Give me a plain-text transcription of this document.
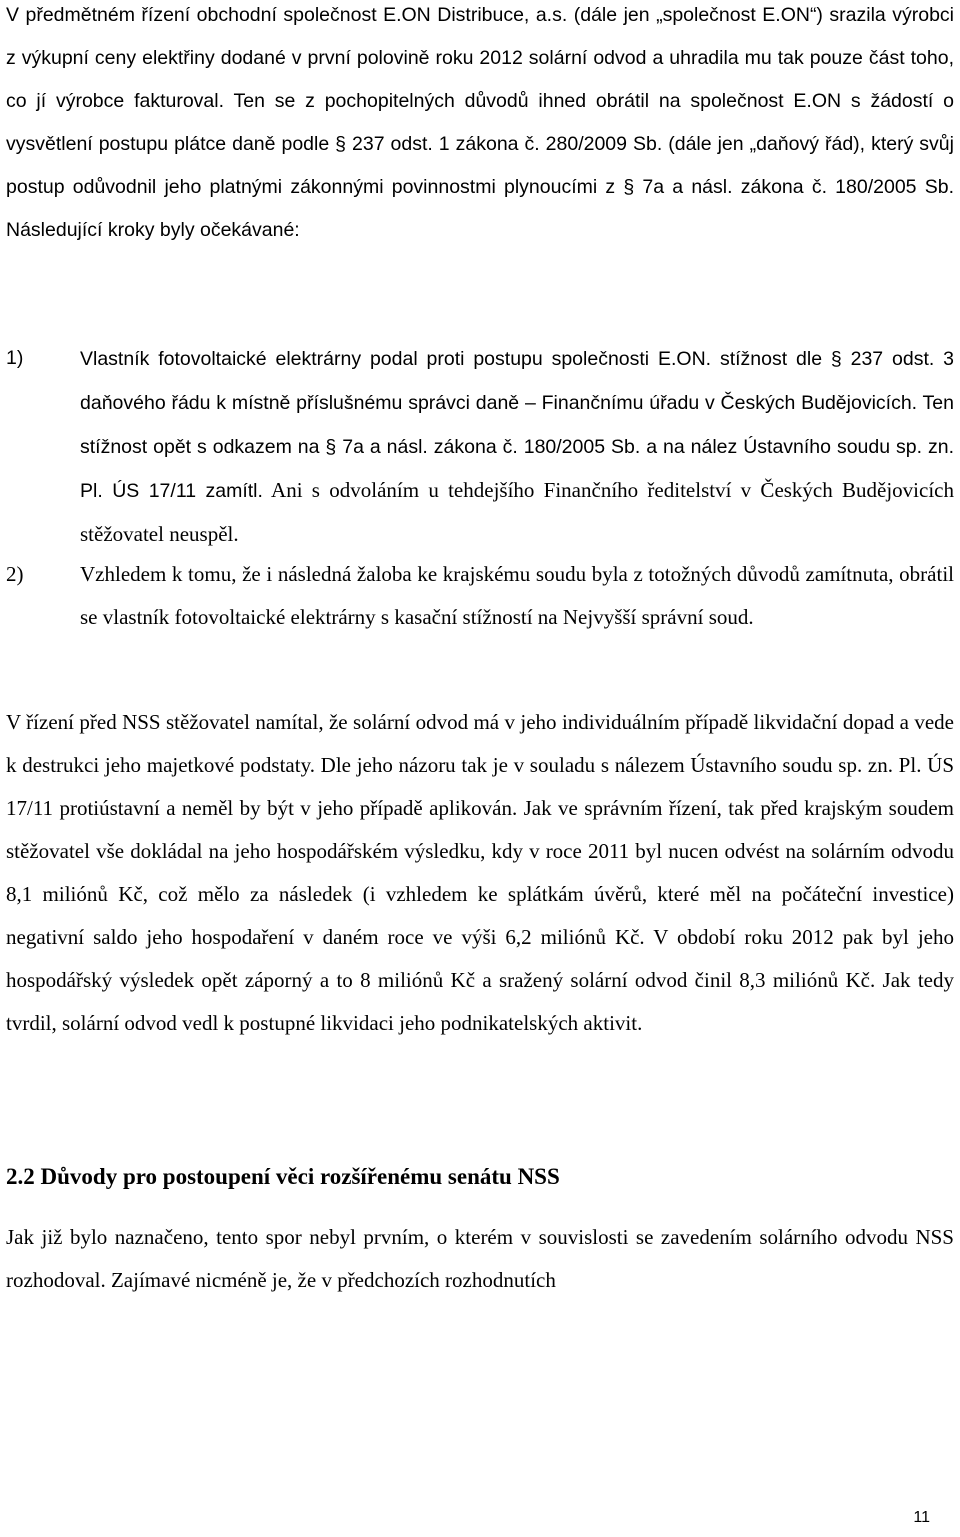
V předmětném řízení obchodní společnost E.ON Distribuce, a.s. (dále jen „společnost E.ON“) srazila výrobci z výkupní ceny elektřiny dodané v první polovině roku 2012 solární odvod a uhradila mu tak pouze část toho, co jí výrobce fakturoval. Ten se z pochopitelných důvodů ihned obrátil na společnost E.ON s žádostí o vysvětlení postupu plátce daně podle § 237 odst. 1 zákona č. 280/2009 Sb. (dále jen „daňový řád), který svůj postup odůvodnil jeho platnými zákonnými povinnostmi plynoucími z § 7a a násl. zákona č. 180/2005 Sb. Následující kroky byly očekávané:

1)	Vlastník fotovoltaické elektrárny podal proti postupu společnosti E.ON. stížnost dle § 237 odst. 3 daňového řádu k místně příslušnému správci daně – Finančnímu úřadu v Českých Budějovicích. Ten stížnost opět s odkazem na § 7a a násl. zákona č. 180/2005 Sb. a na nález Ústavního soudu sp. zn. Pl. ÚS 17/11 zamítl. Ani s odvoláním u tehdejšího Finančního ředitelství v Českých Budějovicích stěžovatel neuspěl.

2)	Vzhledem k tomu, že i následná žaloba ke krajskému soudu byla z totožných důvodů zamítnuta, obrátil se vlastník fotovoltaické elektrárny s kasační stížností na Nejvyšší správní soud.

V řízení před NSS stěžovatel namítal, že solární odvod má v jeho individuálním případě likvidační dopad a vede k destrukci jeho majetkové podstaty. Dle jeho názoru tak je v souladu s nálezem Ústavního soudu sp. zn. Pl. ÚS 17/11 protiústavní a neměl by být v jeho případě aplikován. Jak ve správním řízení, tak před krajským soudem stěžovatel vše dokládal na jeho hospodářském výsledku, kdy v roce 2011 byl nucen odvést na solárním odvodu 8,1 miliónů Kč, což mělo za následek (i vzhledem ke splátkám úvěrů, které měl na počáteční investice) negativní saldo jeho hospodaření v daném roce ve výši 6,2 miliónů Kč. V období roku 2012 pak byl jeho hospodářský výsledek opět záporný a to 8 miliónů Kč a sražený solární odvod činil 8,3 miliónů Kč. Jak tedy tvrdil, solární odvod vedl k postupné likvidaci jeho podnikatelských aktivit.

2.2 Důvody pro postoupení věci rozšířenému senátu NSS

Jak již bylo naznačeno, tento spor nebyl prvním, o kterém v souvislosti se zavedením solárního odvodu NSS rozhodoval. Zajímavé nicméně je, že v předchozích rozhodnutích

11
